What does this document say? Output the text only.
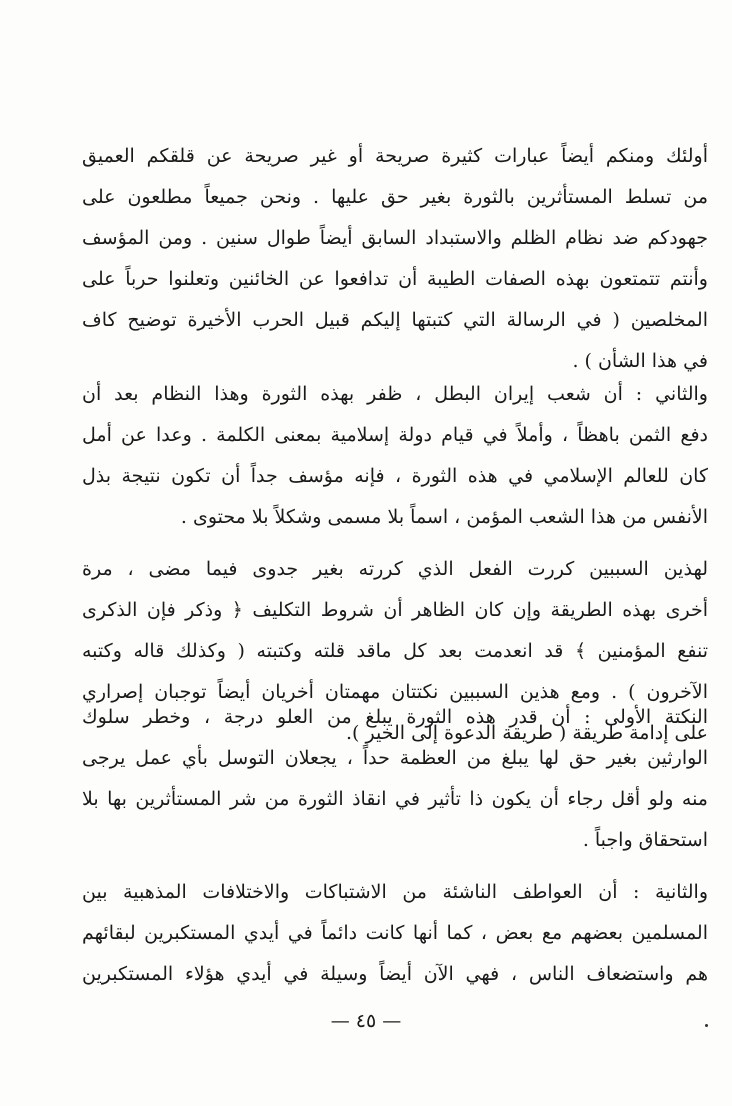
أولئك ومنكم أيضاً عبارات كثيرة صريحة أو غير صريحة عن قلقكم العميق
من تسلط المستأثرين بالثورة بغير حق عليها . ونحن جميعاً مطلعون على
جهودكم ضد نظام الظلم والاستبداد السابق أيضاً طوال سنين . ومن المؤسف
وأنتم تتمتعون بهذه الصفات الطيبة أن تدافعوا عن الخائنين وتعلنوا حرباً على
المخلصين ( في الرسالة التي كتبتها إليكم قبيل الحرب الأخيرة توضيح كاف
في هذا الشأن ) .
والثاني : أن شعب إيران البطل ، ظفر بهذه الثورة وهذا النظام بعد أن
دفع الثمن باهظاً ، وأملاً في قيام دولة إسلامية بمعنى الكلمة . وعدا عن أمل
كان للعالم الإسلامي في هذه الثورة ، فإنه مؤسف جداً أن تكون نتيجة بذل
الأنفس من هذا الشعب المؤمن ، اسماً بلا مسمى وشكلاً بلا محتوى .
لهذين السببين كررت الفعل الذي كررته بغير جدوى فيما مضى ، مرة
أخرى بهذه الطريقة وإن كان الظاهر أن شروط التكليف ﴿ وذكر فإن الذكرى
تنفع المؤمنين ﴾ قد انعدمت بعد كل ماقد قلته وكتبته ( وكذلك قاله وكتبه
الآخرون ) . ومع هذين السببين نكتتان مهمتان أخريان أيضاً توجبان إصراري
على إدامة طريقة ( طريقة الدعوة إلى الخير ).
النكتة الأولى : أن قدر هذه الثورة يبلغ من العلو درجة ، وخطر سلوك
الوارثين بغير حق لها يبلغ من العظمة حداً ، يجعلان التوسل بأي عمل يرجى
منه ولو أقل رجاء أن يكون ذا تأثير في انقاذ الثورة من شر المستأثرين بها بلا
استحقاق واجباً .
والثانية : أن العواطف الناشئة من الاشتباكات والاختلافات المذهبية بين
المسلمين بعضهم مع بعض ، كما أنها كانت دائماً في أيدي المستكبرين لبقائهم
هم واستضعاف الناس ، فهي الآن أيضاً وسيلة في أيدي هؤلاء المستكبرين
— ٤٥ —
